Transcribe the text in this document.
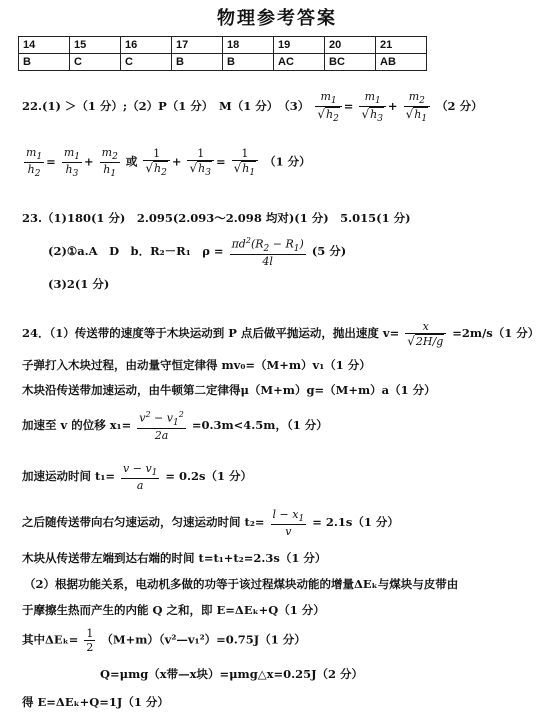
物理参考答案
14	15	16	17	18	19	20	21
B	C	C	B	B	AC	BC	AB
22.(1) ＞（1 分）;（2）P（1 分）　M（1 分）　$(3) \frac{m_1}{√h_2} = \frac{m_1}{√h_3} + \frac{m_2}{√h_1} (2$ 分）
$\frac{m_1}{h_2} = \frac{m_1}{h_3} + \frac{m_2}{h_1}$ 或 $\frac{1}{√h_2} + \frac{1}{√h_3} = \frac{1}{√h_1} (1$ 分）
23.（1)180(1 分)　2.095(2.093～2.098 均对)(1 分)　5.015(1 分)
(2)①a.A　D　b．R₂－R₁　$\rho = \frac{\pi d^2(R_2 - R_1)}{4l} (5$ 分)
(3)2(1 分)
24．（1）传送带的速度等于木块运动到 P 点后做平抛运动，抛出速度 $v= \frac{x}{√2H/g} =2m/s(1$ 分）
子弹打入木块过程，由动量守恒定律得 mv₀=（M+m）v₁（1 分）
木块沿传送带加速运动，由牛顿第二定律得μ（M+m）g=（M+m）a（1 分）
加速至 v 的位移 $x_1= \frac{v^2 - v_1^2}{2a} =0.3m<4.5m$，（1 分）
加速运动时间 $t_1= \frac{v - v_1}{a} = 0.2s(1$ 分）
之后随传送带向右匀速运动，匀速运动时间 $t_2= \frac{l - x_1}{v} = 2.1s(1$ 分）
木块从传送带左端到达右端的时间 t=t₁+t₂=2.3s（1 分）
（2）根据功能关系，电动机多做的功等于该过程煤块动能的增量ΔEₖ与煤块与皮带由
于摩擦生热而产生的内能 Q 之和，即 E=ΔEₖ+Q（1 分）
其中$\Delta E_k= \frac{1}{2}$ （M+m）（v²—v₁²）=0.75J（1 分）
Q=μmg（x带—x块）=μmg△x=0.25J（2 分）
得 E=ΔEₖ+Q=1J（1 分）
